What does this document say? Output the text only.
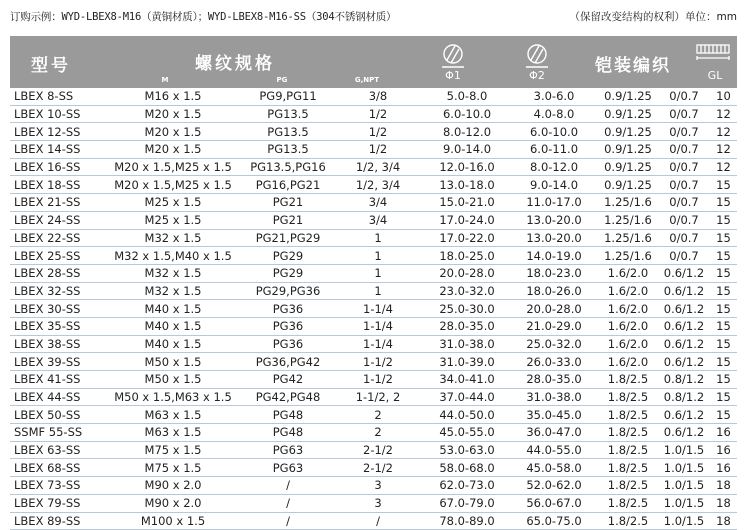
订购示例：WYD-LBEX8-M16（黄铜材质）；WYD-LBEX8-M16-SS（304不锈钢材质）	（保留改变结构的权利）单位：mm
型号	螺纹规格
M	PG	G,NPT	Φ1	Φ2	铠装编织	GL
LBEX 8-SS	M16 x 1.5	PG9,PG11	3/8	5.0-8.0	3.0-6.0	0.9/1.25	0/0.7	10
LBEX 10-SS	M20 x 1.5	PG13.5	1/2	6.0-10.0	4.0-8.0	0.9/1.25	0/0.7	12
LBEX 12-SS	M20 x 1.5	PG13.5	1/2	8.0-12.0	6.0-10.0	0.9/1.25	0/0.7	12
LBEX 14-SS	M20 x 1.5	PG13.5	1/2	9.0-14.0	6.0-11.0	0.9/1.25	0/0.7	12
LBEX 16-SS	M20 x 1.5,M25 x 1.5	PG13.5,PG16	1/2, 3/4	12.0-16.0	8.0-12.0	0.9/1.25	0/0.7	12
LBEX 18-SS	M20 x 1.5,M25 x 1.5	PG16,PG21	1/2, 3/4	13.0-18.0	9.0-14.0	0.9/1.25	0/0.7	15
LBEX 21-SS	M25 x 1.5	PG21	3/4	15.0-21.0	11.0-17.0	1.25/1.6	0/0.7	15
LBEX 24-SS	M25 x 1.5	PG21	3/4	17.0-24.0	13.0-20.0	1.25/1.6	0/0.7	15
LBEX 22-SS	M32 x 1.5	PG21,PG29	1	17.0-22.0	13.0-20.0	1.25/1.6	0/0.7	15
LBEX 25-SS	M32 x 1.5,M40 x 1.5	PG29	1	18.0-25.0	14.0-19.0	1.25/1.6	0/0.7	15
LBEX 28-SS	M32 x 1.5	PG29	1	20.0-28.0	18.0-23.0	1.6/2.0	0.6/1.2	15
LBEX 32-SS	M32 x 1.5	PG29,PG36	1	23.0-32.0	18.0-26.0	1.6/2.0	0.6/1.2	15
LBEX 30-SS	M40 x 1.5	PG36	1-1/4	25.0-30.0	20.0-28.0	1.6/2.0	0.6/1.2	15
LBEX 35-SS	M40 x 1.5	PG36	1-1/4	28.0-35.0	21.0-29.0	1.6/2.0	0.6/1.2	15
LBEX 38-SS	M40 x 1.5	PG36	1-1/4	31.0-38.0	25.0-32.0	1.6/2.0	0.6/1.2	15
LBEX 39-SS	M50 x 1.5	PG36,PG42	1-1/2	31.0-39.0	26.0-33.0	1.6/2.0	0.6/1.2	15
LBEX 41-SS	M50 x 1.5	PG42	1-1/2	34.0-41.0	28.0-35.0	1.8/2.5	0.8/1.2	15
LBEX 44-SS	M50 x 1.5,M63 x 1.5	PG42,PG48	1-1/2, 2	37.0-44.0	31.0-38.0	1.8/2.5	0.8/1.2	15
LBEX 50-SS	M63 x 1.5	PG48	2	44.0-50.0	35.0-45.0	1.8/2.5	0.6/1.2	15
SSMF 55-SS	M63 x 1.5	PG48	2	45.0-55.0	36.0-47.0	1.8/2.5	0.6/1.2	16
LBEX 63-SS	M75 x 1.5	PG63	2-1/2	53.0-63.0	44.0-55.0	1.8/2.5	1.0/1.5	16
LBEX 68-SS	M75 x 1.5	PG63	2-1/2	58.0-68.0	45.0-58.0	1.8/2.5	1.0/1.5	16
LBEX 73-SS	M90 x 2.0	/	3	62.0-73.0	52.0-62.0	1.8/2.5	1.0/1.5	18
LBEX 79-SS	M90 x 2.0	/	3	67.0-79.0	56.0-67.0	1.8/2.5	1.0/1.5	18
LBEX 89-SS	M100 x 1.5	/	/	78.0-89.0	65.0-75.0	1.8/2.5	1.0/1.5	18
